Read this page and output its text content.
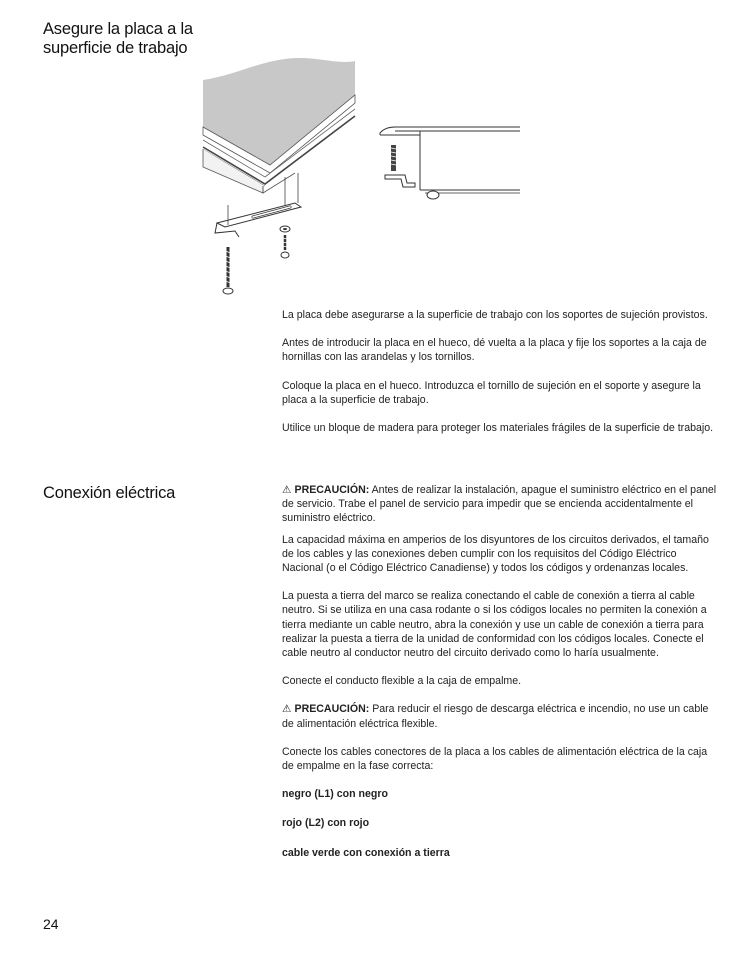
Asegure la placa a la superficie de trabajo

La placa debe asegurarse a la superficie de trabajo con los soportes de sujeción provistos.

Antes de introducir la placa en el hueco, dé vuelta a la placa y fije los soportes a la caja de hornillas con las arandelas y los tornillos.

Coloque la placa en el hueco. Introduzca el tornillo de sujeción en el soporte y asegure la placa a la superficie de trabajo.

Utilice un bloque de madera para proteger los materiales frágiles de la superficie de trabajo.

Conexión eléctrica	⚠ PRECAUCIÓN: Antes de realizar la instalación, apague el suministro eléctrico en el panel de servicio. Trabe el panel de servicio para impedir que se encienda accidentalmente el suministro eléctrico.

La capacidad máxima en amperios de los disyuntores de los circuitos derivados, el tamaño de los cables y las conexiones deben cumplir con los requisitos del Código Eléctrico Nacional (o el Código Eléctrico Canadiense) y todos los códigos y ordenanzas locales.

La puesta a tierra del marco se realiza conectando el cable de conexión a tierra al cable neutro. Si se utiliza en una casa rodante o si los códigos locales no permiten la conexión a tierra mediante un cable neutro, abra la conexión y use un cable de conexión a tierra para realizar la puesta a tierra de la unidad de conformidad con los códigos locales. Conecte el cable neutro al conductor neutro del circuito derivado como lo haría usualmente.

Conecte el conducto flexible a la caja de empalme.

⚠ PRECAUCIÓN: Para reducir el riesgo de descarga eléctrica e incendio, no use un cable de alimentación eléctrica flexible.

Conecte los cables conectores de la placa a los cables de alimentación eléctrica de la caja de empalme en la fase correcta:

negro (L1) con negro

rojo (L2) con rojo

cable verde con conexión a tierra

24
